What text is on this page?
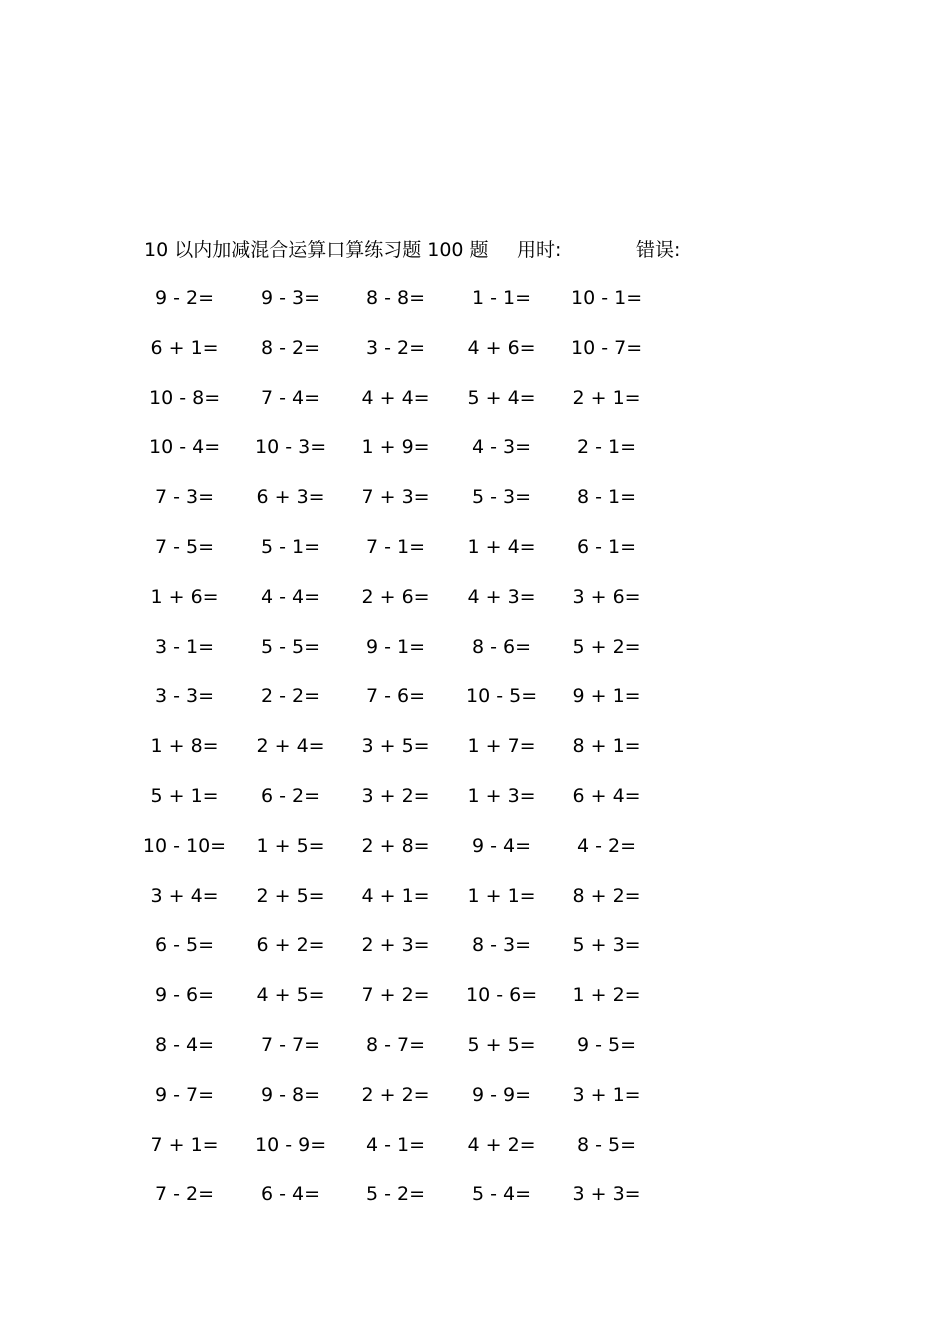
10 以内加减混合运算口算练习题 100 题 用时:	错误:
9 - 2= 9 - 3= 8 - 8= 1 - 1= 10 - 1=
6 + 1= 8 - 2= 3 - 2= 4 + 6= 10 - 7=
10 - 8= 7 - 4= 4 + 4= 5 + 4= 2 + 1=
10 - 4= 10 - 3= 1 + 9= 4 - 3= 2 - 1=
7 - 3= 6 + 3= 7 + 3= 5 - 3= 8 - 1=
7 - 5= 5 - 1= 7 - 1= 1 + 4= 6 - 1=
1 + 6= 4 - 4= 2 + 6= 4 + 3= 3 + 6=
3 - 1= 5 - 5= 9 - 1= 8 - 6= 5 + 2=
3 - 3= 2 - 2= 7 - 6= 10 - 5= 9 + 1=
1 + 8= 2 + 4= 3 + 5= 1 + 7= 8 + 1=
5 + 1= 6 - 2= 3 + 2= 1 + 3= 6 + 4=
10 - 10= 1 + 5= 2 + 8= 9 - 4= 4 - 2=
3 + 4= 2 + 5= 4 + 1= 1 + 1= 8 + 2=
6 - 5= 6 + 2= 2 + 3= 8 - 3= 5 + 3=
9 - 6= 4 + 5= 7 + 2= 10 - 6= 1 + 2=
8 - 4= 7 - 7= 8 - 7= 5 + 5= 9 - 5=
9 - 7= 9 - 8= 2 + 2= 9 - 9= 3 + 1=
7 + 1= 10 - 9= 4 - 1= 4 + 2= 8 - 5=
7 - 2= 6 - 4= 5 - 2= 5 - 4= 3 + 3=
